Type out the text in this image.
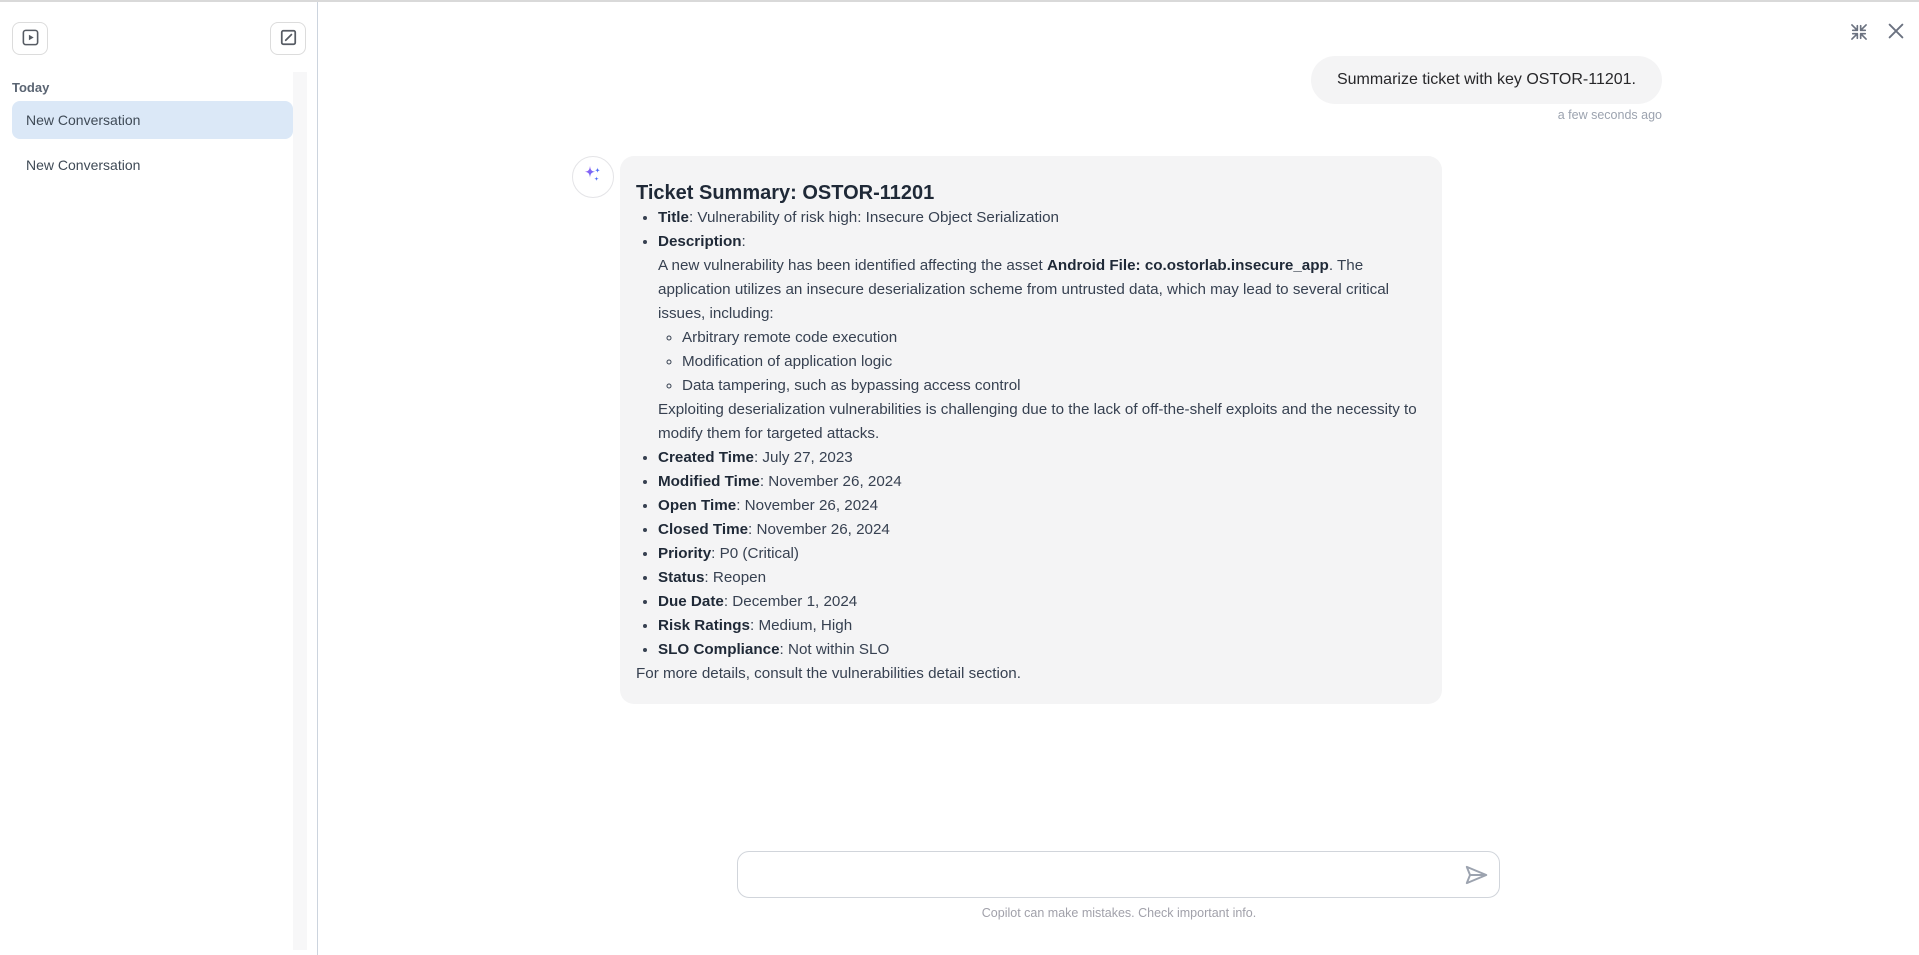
Today
New Conversation
New Conversation
Summarize ticket with key OSTOR-11201.
a few seconds ago
Ticket Summary: OSTOR-11201
• Title: Vulnerability of risk high: Insecure Object Serialization
• Description:

A new vulnerability has been identified affecting the asset Android File: co.ostorlab.insecure_app. The application utilizes an insecure deserialization scheme from untrusted data, which may lead to several critical issues, including:

◦ Arbitrary remote code execution
◦ Modification of application logic
◦ Data tampering, such as bypassing access control

Exploiting deserialization vulnerabilities is challenging due to the lack of off-the-shelf exploits and the necessity to modify them for targeted attacks.

• Created Time: July 27, 2023
• Modified Time: November 26, 2024
• Open Time: November 26, 2024
• Closed Time: November 26, 2024
• Priority: P0 (Critical)
• Status: Reopen
• Due Date: December 1, 2024
• Risk Ratings: Medium, High
• SLO Compliance: Not within SLO

For more details, consult the vulnerabilities detail section.

Copilot can make mistakes. Check important info.
